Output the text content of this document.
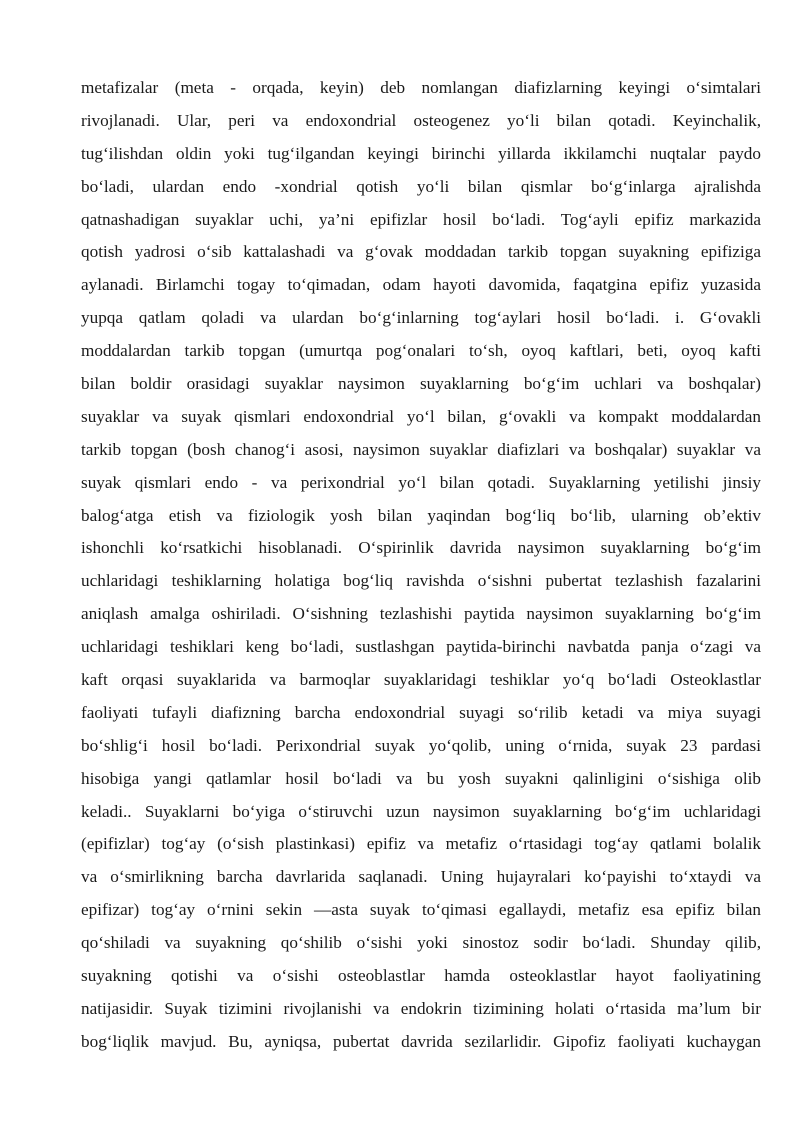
metafizalar (meta - orqada, keyin) deb nomlangan diafizlarning keyingi o‘simtalari
rivojlanadi. Ular, peri va endoxondrial osteogenez yo‘li bilan qotadi. Keyinchalik,
tug‘ilishdan oldin yoki tug‘ilgandan keyingi birinchi yillarda ikkilamchi nuqtalar paydo
bo‘ladi, ulardan endo -xondrial qotish yo‘li bilan qismlar bo‘g‘inlarga ajralishda
qatnashadigan suyaklar uchi, ya’ni epifizlar hosil bo‘ladi. Tog‘ayli epifiz markazida
qotish yadrosi o‘sib kattalashadi va g‘ovak moddadan tarkib topgan suyakning epifiziga
aylanadi. Birlamchi togay to‘qimadan, odam hayoti davomida, faqatgina epifiz yuzasida
yupqa qatlam qoladi va ulardan bo‘g‘inlarning tog‘aylari hosil bo‘ladi. i. G‘ovakli
moddalardan tarkib topgan (umurtqa pog‘onalari to‘sh, oyoq kaftlari, beti, oyoq kafti
bilan boldir orasidagi suyaklar naysimon suyaklarning bo‘g‘im uchlari va boshqalar)
suyaklar va suyak qismlari endoxondrial yo‘l bilan, g‘ovakli va kompakt moddalardan
tarkib topgan (bosh chanog‘i asosi, naysimon suyaklar diafizlari va boshqalar) suyaklar va
suyak qismlari endo - va perixondrial yo‘l bilan qotadi. Suyaklarning yetilishi jinsiy
balog‘atga etish va fiziologik yosh bilan yaqindan bog‘liq bo‘lib, ularning ob’ektiv
ishonchli ko‘rsatkichi hisoblanadi. O‘spirinlik davrida naysimon suyaklarning bo‘g‘im
uchlaridagi teshiklarning holatiga bog‘liq ravishda o‘sishni pubertat tezlashish fazalarini
aniqlash amalga oshiriladi. O‘sishning tezlashishi paytida naysimon suyaklarning bo‘g‘im
uchlaridagi teshiklari keng bo‘ladi, sustlashgan paytida-birinchi navbatda panja o‘zagi va
kaft orqasi suyaklarida va barmoqlar suyaklaridagi teshiklar yo‘q bo‘ladi Osteoklastlar
faoliyati tufayli diafizning barcha endoxondrial suyagi so‘rilib ketadi va miya suyagi
bo‘shlig‘i hosil bo‘ladi. Perixondrial suyak yo‘qolib, uning o‘rnida, suyak 23 pardasi
hisobiga yangi qatlamlar hosil bo‘ladi va bu yosh suyakni qalinligini o‘sishiga olib
keladi.. Suyaklarni bo‘yiga o‘stiruvchi uzun naysimon suyaklarning bo‘g‘im uchlaridagi
(epifizlar) tog‘ay (o‘sish plastinkasi) epifiz va metafiz o‘rtasidagi tog‘ay qatlami bolalik
va o‘smirlikning barcha davrlarida saqlanadi. Uning hujayralari ko‘payishi to‘xtaydi va
epifizar) tog‘ay o‘rnini sekin —asta suyak to‘qimasi egallaydi, metafiz esa epifiz bilan
qo‘shiladi va suyakning qo‘shilib o‘sishi yoki sinostoz sodir bo‘ladi. Shunday qilib,
suyakning qotishi va o‘sishi osteoblastlar hamda osteoklastlar hayot faoliyatining
natijasidir. Suyak tizimini rivojlanishi va endokrin tizimining holati o‘rtasida ma’lum bir
bog‘liqlik mavjud. Bu, ayniqsa, pubertat davrida sezilarlidir. Gipofiz faoliyati kuchaygan
